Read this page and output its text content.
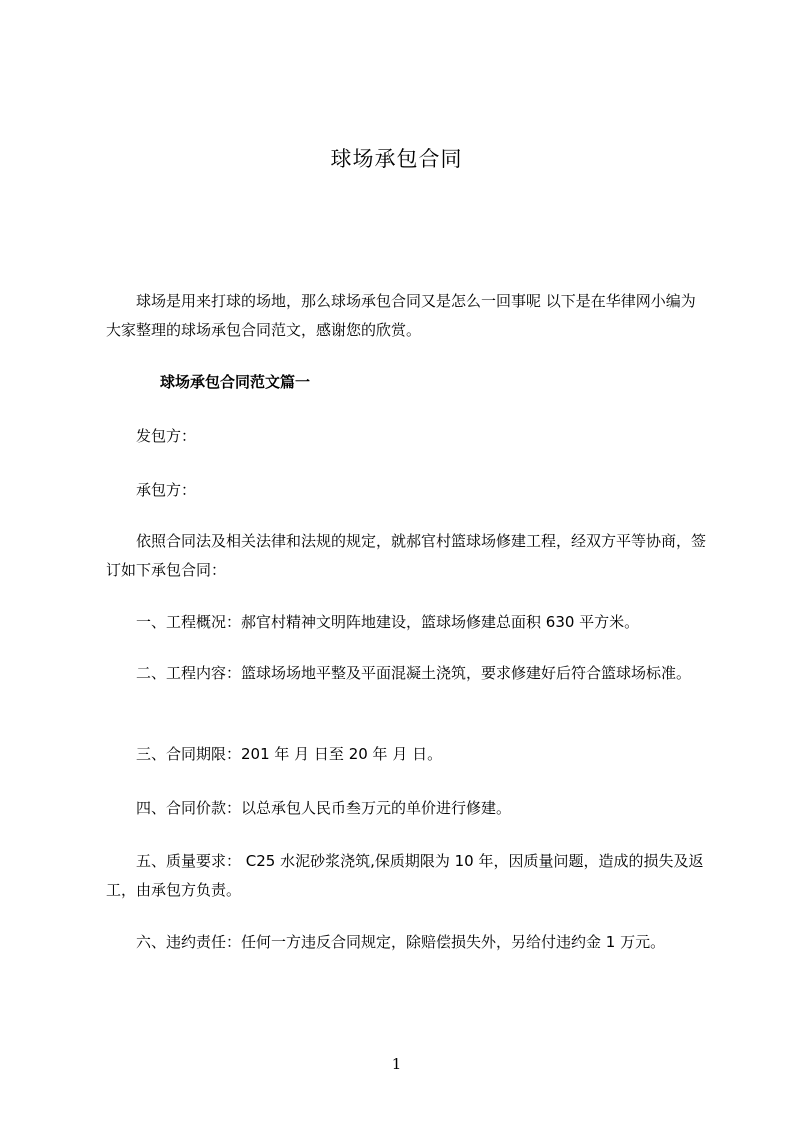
球场承包合同

球场是用来打球的场地，那么球场承包合同又是怎么一回事呢 以下是在华律网小编为大家整理的球场承包合同范文，感谢您的欣赏。

球场承包合同范文篇一

发包方：

承包方：

依照合同法及相关法律和法规的规定，就郝官村篮球场修建工程，经双方平等协商，签订如下承包合同：

一、工程概况：郝官村精神文明阵地建设，篮球场修建总面积 630 平方米。

二、工程内容：篮球场场地平整及平面混凝土浇筑，要求修建好后符合篮球场标准。

三、合同期限：201 年 月 日至 20 年 月 日。

四、合同价款：以总承包人民币叁万元的单价进行修建。

五、质量要求： C25 水泥砂浆浇筑,保质期限为 10 年，因质量问题，造成的损失及返工，由承包方负责。

六、违约责任：任何一方违反合同规定，除赔偿损失外，另给付违约金 1 万元。

1
